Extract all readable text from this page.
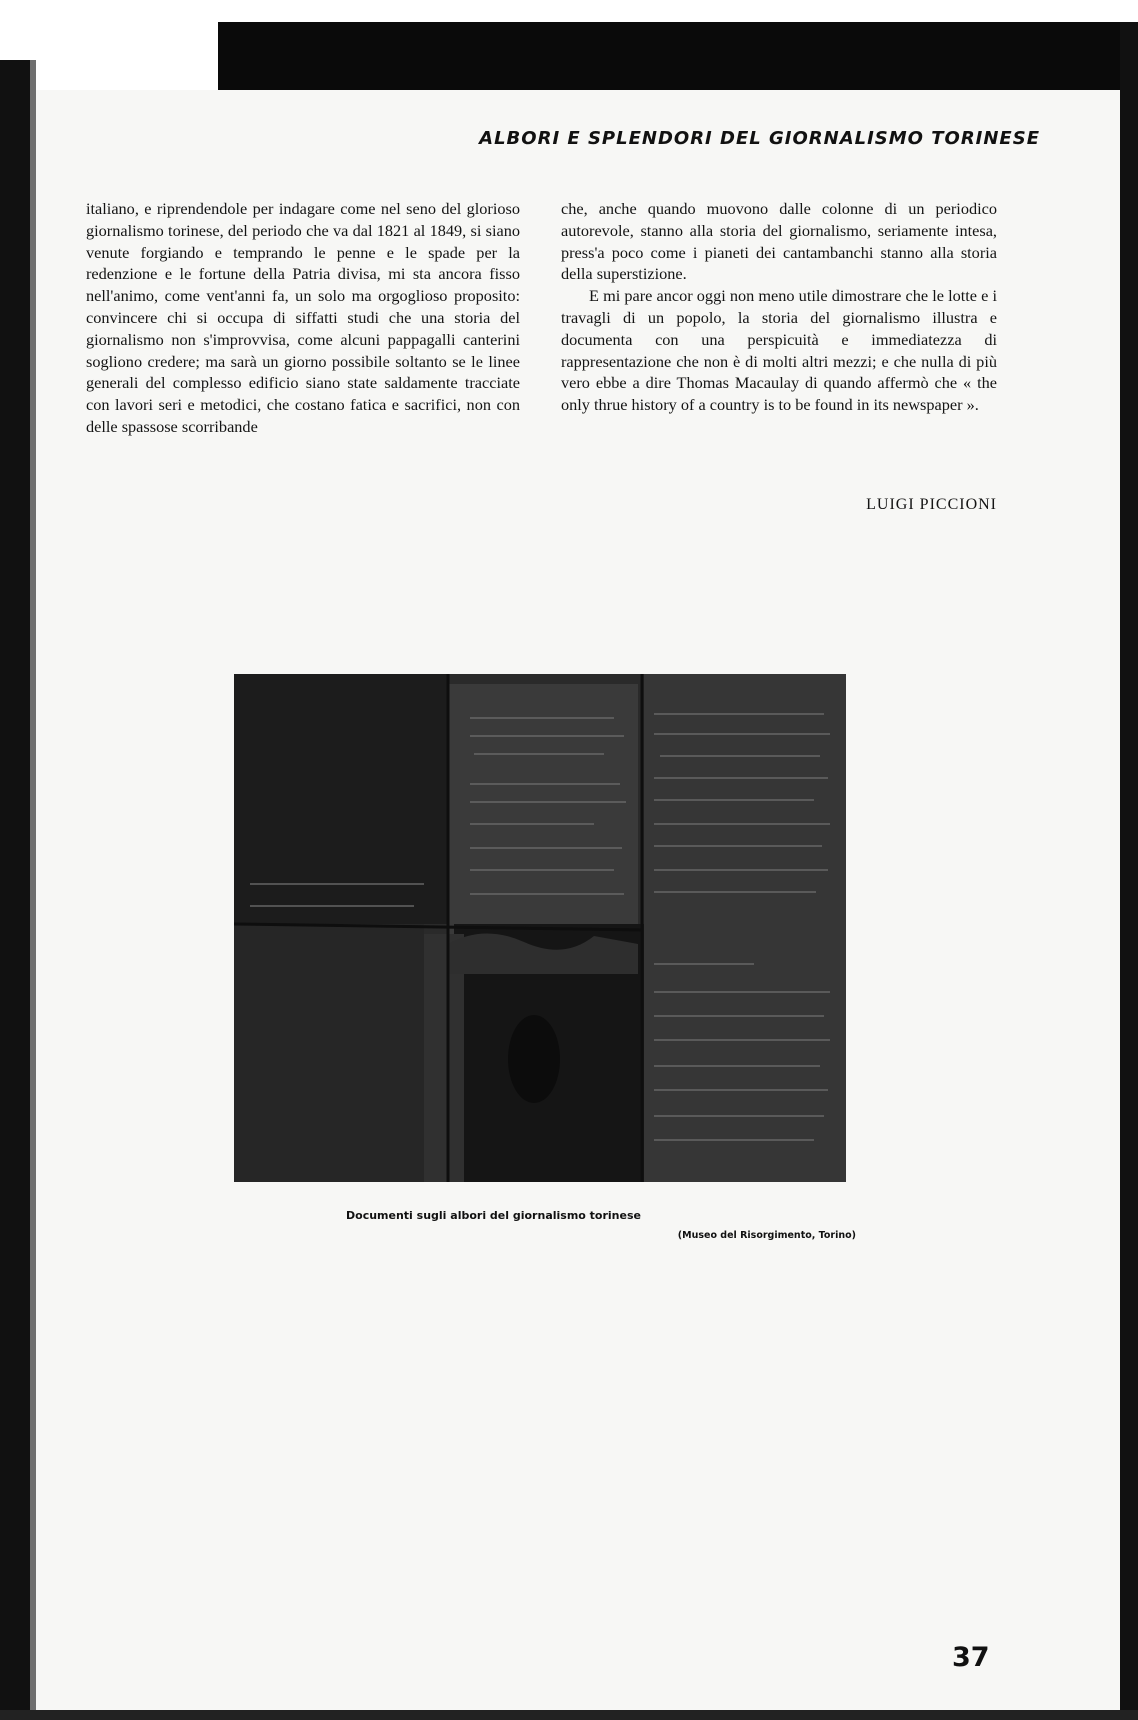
ALBORI E SPLENDORI DEL GIORNALISMO TORINESE

italiano, e riprendendole per indagare come nel seno del glorioso giornalismo torinese, del periodo che va dal 1821 al 1849, si siano venute forgiando e temprando le penne e le spade per la redenzione e le fortune della Patria divisa, mi sta ancora fisso nell'animo, come vent'anni fa, un solo ma orgoglioso proposito: convincere chi si occupa di siffatti studi che una storia del giornalismo non s'improvvisa, come alcuni pappagalli canterini sogliono credere; ma sarà un giorno possibile soltanto se le linee generali del complesso edificio siano state saldamente tracciate con lavori seri e metodici, che costano fatica e sacrifici, non con delle spassose scorribande

che, anche quando muovono dalle colonne di un periodico autorevole, stanno alla storia del giornalismo, seriamente intesa, press'a poco come i pianeti dei cantambanchi stanno alla storia della superstizione.

E mi pare ancor oggi non meno utile dimostrare che le lotte e i travagli di un popolo, la storia del giornalismo illustra e documenta con una perspicuità e immediatezza di rappresentazione che non è di molti altri mezzi; e che nulla di più vero ebbe a dire Thomas Macaulay di quando affermò che « the only thrue history of a country is to be found in its newspaper ».

LUIGI PICCIONI
Documenti sugli albori del giornalismo torinese
(Museo del Risorgimento, Torino)
37
